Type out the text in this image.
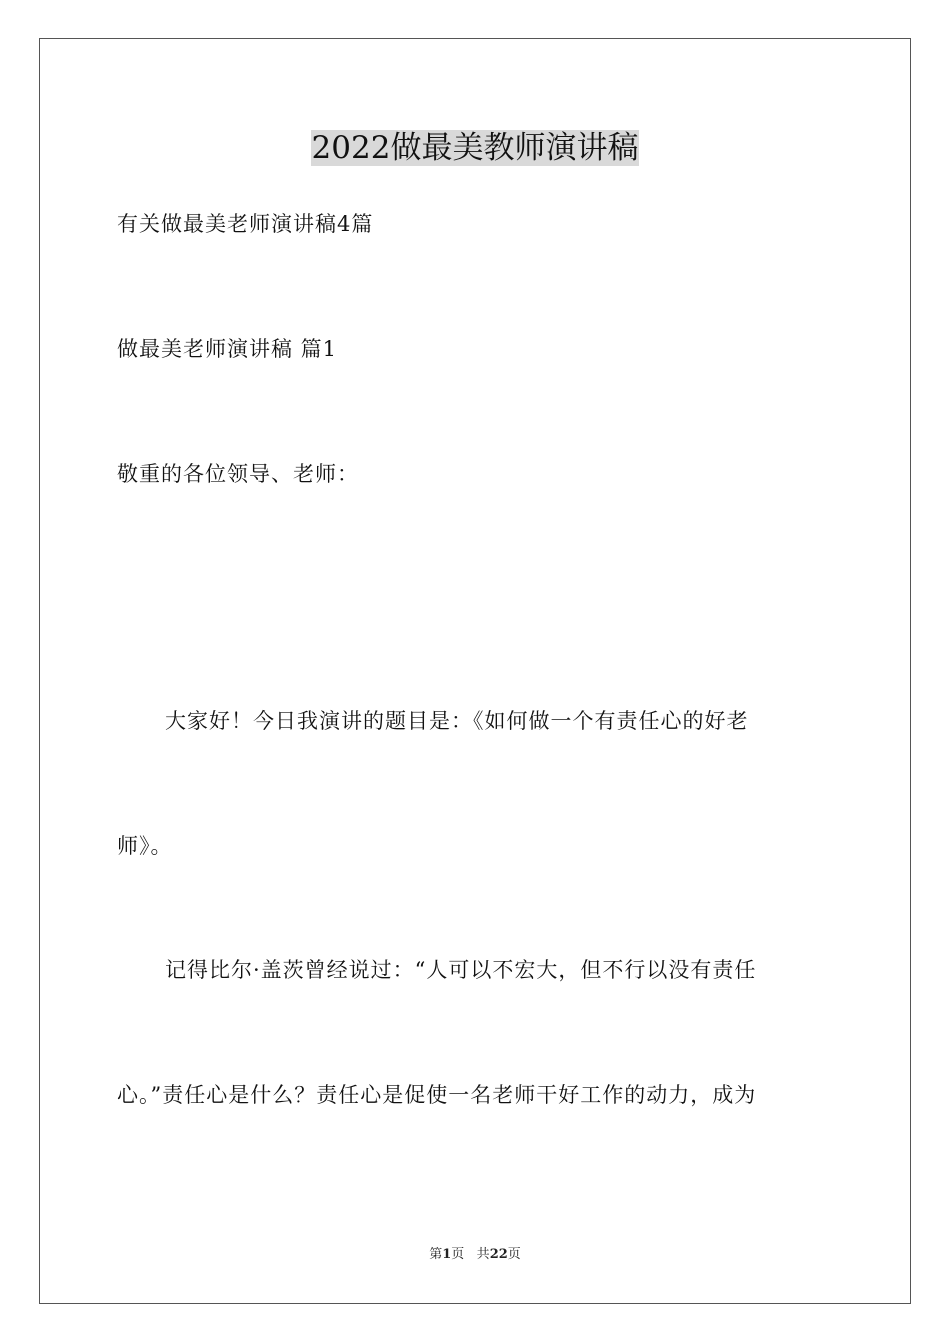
2022做最美教师演讲稿
有关做最美老师演讲稿4篇
做最美老师演讲稿 篇1
敬重的各位领导、老师：
大家好！今日我演讲的题目是：《如何做一个有责任心的好老
师》。
记得比尔·盖茨曾经说过：“人可以不宏大，但不行以没有责任
心。”责任心是什么？责任心是促使一名老师干好工作的动力，成为
第1页 共22页
